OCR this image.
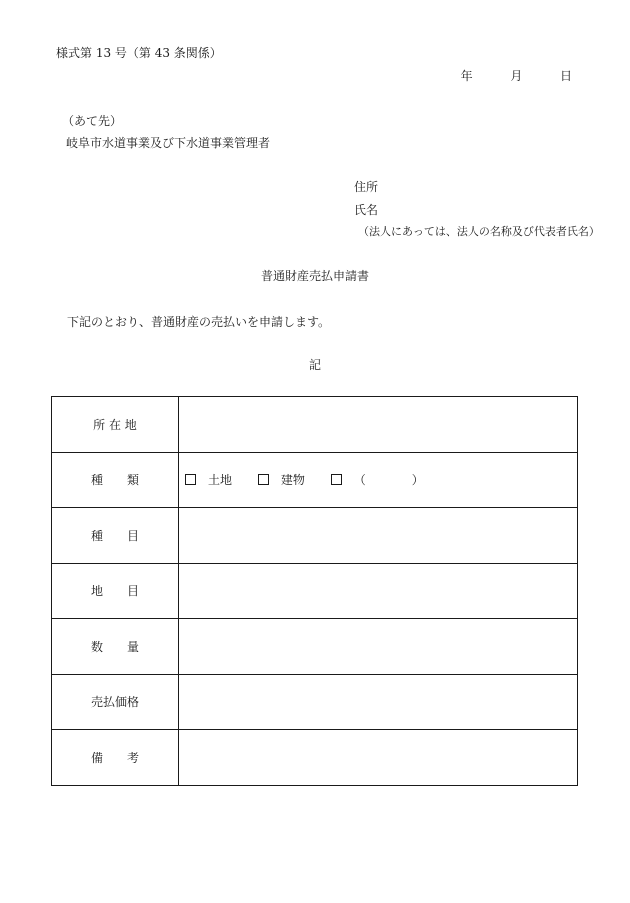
様式第 13 号（第 43 条関係）
年	月	日
（あて先）
岐阜市水道事業及び下水道事業管理者
住所
氏名
（法人にあっては、法人の名称及び代表者氏名）
普通財産売払申請書
下記のとおり、普通財産の売払いを申請します。
記
所 在 地	
種　　類	土地 建物 （ ）
種　　目	
地　　目	
数　　量	
売払価格	
備　　考	
